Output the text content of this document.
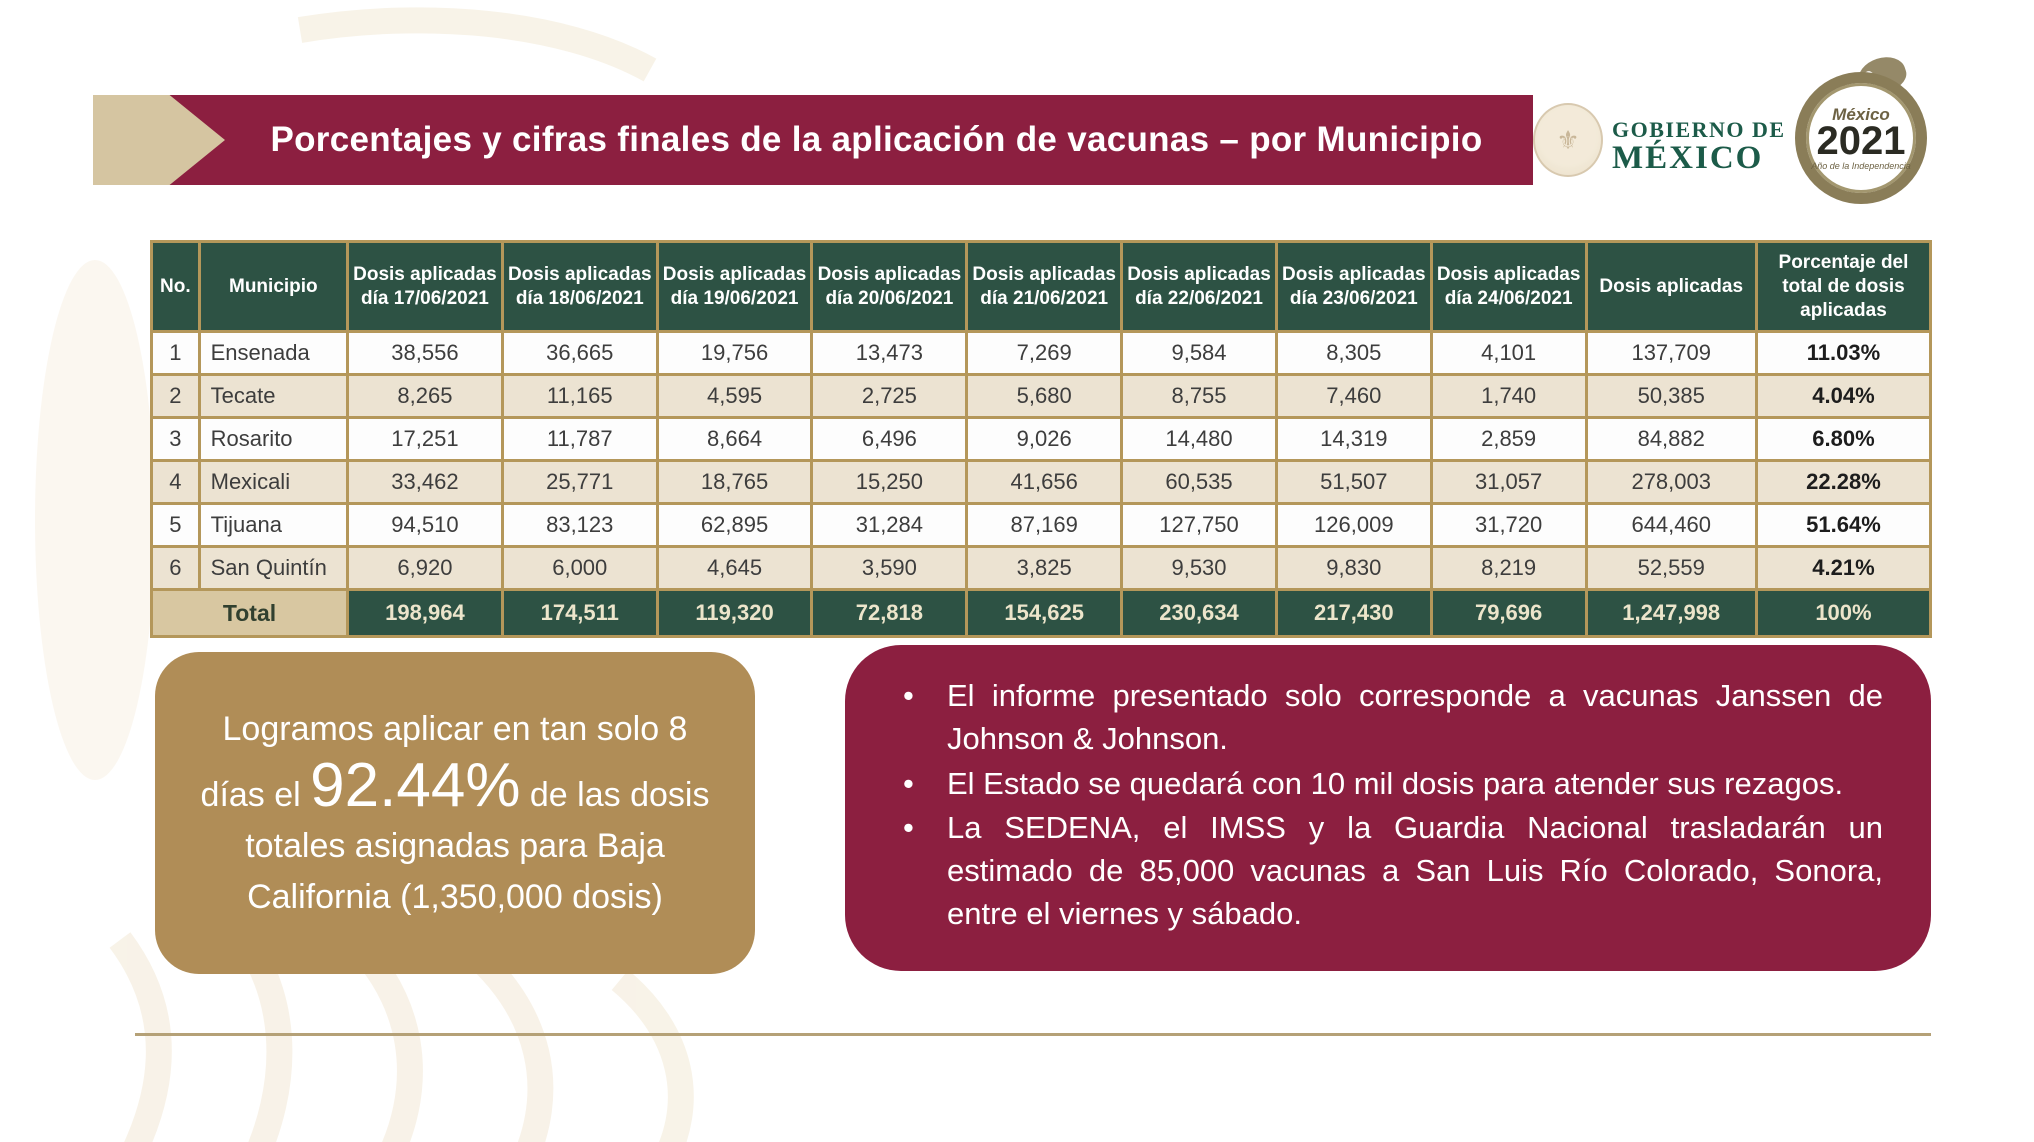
Porcentajes y cifras finales de la aplicación de vacunas – por Municipio	⚜ GOBIERNO DE
MÉXICO
México
2021
Año de la Independencia
No.	Municipio	Dosis aplicadas día 17/06/2021	Dosis aplicadas día 18/06/2021	Dosis aplicadas día 19/06/2021	Dosis aplicadas día 20/06/2021	Dosis aplicadas día 21/06/2021	Dosis aplicadas día 22/06/2021	Dosis aplicadas día 23/06/2021	Dosis aplicadas día 24/06/2021	Dosis aplicadas	Porcentaje del total de dosis aplicadas
1	Ensenada	38,556	36,665	19,756	13,473	7,269	9,584	8,305	4,101	137,709	11.03%
2	Tecate	8,265	11,165	4,595	2,725	5,680	8,755	7,460	1,740	50,385	4.04%
3	Rosarito	17,251	11,787	8,664	6,496	9,026	14,480	14,319	2,859	84,882	6.80%
4	Mexicali	33,462	25,771	18,765	15,250	41,656	60,535	51,507	31,057	278,003	22.28%
5	Tijuana	94,510	83,123	62,895	31,284	87,169	127,750	126,009	31,720	644,460	51.64%
6	San Quintín	6,920	6,000	4,645	3,590	3,825	9,530	9,830	8,219	52,559	4.21%
Total		198,964	174,511	119,320	72,818	154,625	230,634	217,430	79,696	1,247,998	100%
Logramos aplicar en tan solo 8 días el 92.44% de las dosis totales asignadas para Baja California (1,350,000 dosis)
• El informe presentado solo corresponde a vacunas Janssen de Johnson & Johnson.
• El Estado se quedará con 10 mil dosis para atender sus rezagos.
• La SEDENA, el IMSS y la Guardia Nacional trasladarán un estimado de 85,000 vacunas a San Luis Río Colorado, Sonora, entre el viernes y sábado.
